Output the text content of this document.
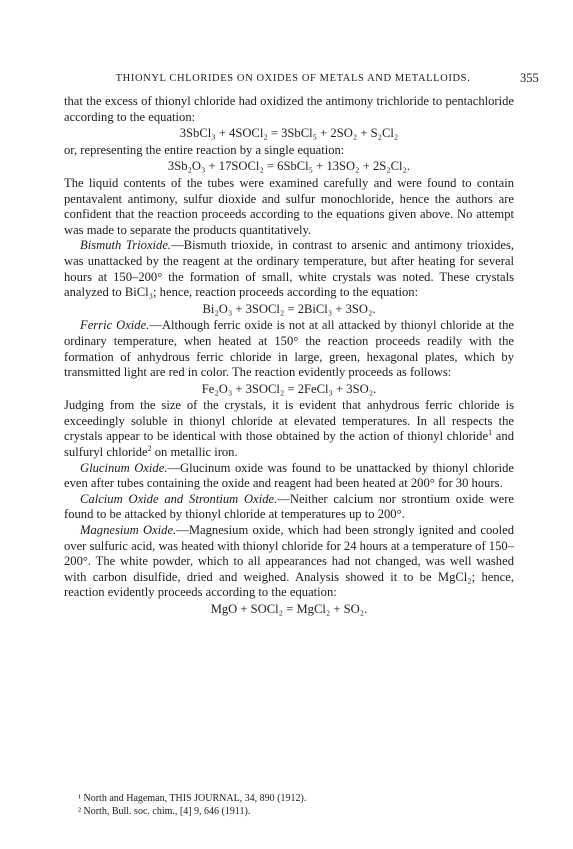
THIONYL CHLORIDES ON OXIDES OF METALS AND METALLOIDS.	355

that the excess of thionyl chloride had oxidized the antimony trichloride to pentachloride according to the equation:

3SbCl₃ + 4SOCl₂ = 3SbCl₅ + 2SO₂ + S₂Cl₂

or, representing the entire reaction by a single equation:

3Sb₂O₃ + 17SOCl₂ = 6SbCl₅ + 13SO₂ + 2S₂Cl₂.

The liquid contents of the tubes were examined carefully and were found to contain pentavalent antimony, sulfur dioxide and sulfur monochloride, hence the authors are confident that the reaction proceeds according to the equations given above. No attempt was made to separate the products quantitatively.

Bismuth Trioxide.—Bismuth trioxide, in contrast to arsenic and antimony trioxides, was unattacked by the reagent at the ordinary temperature, but after heating for several hours at 150–200° the formation of small, white crystals was noted. These crystals analyzed to BiCl₃; hence, reaction proceeds according to the equation:

Bi₂O₃ + 3SOCl₂ = 2BiCl₃ + 3SO₂.

Ferric Oxide.—Although ferric oxide is not at all attacked by thionyl chloride at the ordinary temperature, when heated at 150° the reaction proceeds readily with the formation of anhydrous ferric chloride in large, green, hexagonal plates, which by transmitted light are red in color. The reaction evidently proceeds as follows:

Fe₂O₃ + 3SOCl₂ = 2FeCl₃ + 3SO₂.

Judging from the size of the crystals, it is evident that anhydrous ferric chloride is exceedingly soluble in thionyl chloride at elevated temperatures. In all respects the crystals appear to be identical with those obtained by the action of thionyl chloride$^1$ and sulfuryl chloride$^2$ on metallic iron.

Glucinum Oxide.—Glucinum oxide was found to be unattacked by thionyl chloride even after tubes containing the oxide and reagent had been heated at 200° for 30 hours.

Calcium Oxide and Strontium Oxide.—Neither calcium nor strontium oxide were found to be attacked by thionyl chloride at temperatures up to 200°.

Magnesium Oxide.—Magnesium oxide, which had been strongly ignited and cooled over sulfuric acid, was heated with thionyl chloride for 24 hours at a temperature of 150–200°. The white powder, which to all appearances had not changed, was well washed with carbon disulfide, dried and weighed. Analysis showed it to be MgCl₂; hence, reaction evidently proceeds according to the equation:

MgO + SOCl₂ = MgCl₂ + SO₂.
¹ North and Hageman, THIS JOURNAL, 34, 890 (1912).
² North, Bull. soc. chim., [4] 9, 646 (1911).
